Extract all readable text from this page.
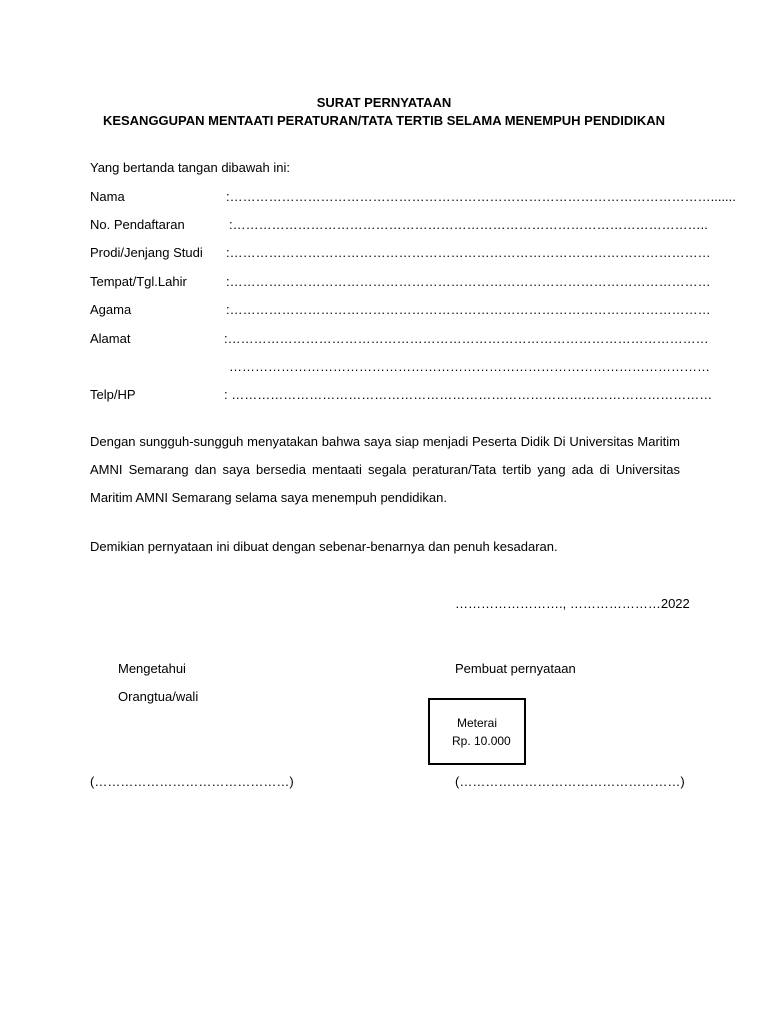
SURAT PERNYATAAN
KESANGGUPAN MENTAATI PERATURAN/TATA TERTIB SELAMA MENEMPUH PENDIDIKAN
Yang bertanda tangan dibawah ini:
Nama	:………………………………………………………………………………………………….......
No. Pendaftaran	:………………………………………………………………………………………………..
Prodi/Jenjang Studi :…………………………………………………………………………………………………
Tempat/Tgl.Lahir	:…………………………………………………………………………………………………
Agama	:…………………………………………………………………………………………………
Alamat	:…………………………………………………………………………………………………
…………………………………………………………………………………………………
Telp/HP	: …………………………………………………………………………………………………
Dengan sungguh-sungguh menyatakan bahwa saya siap menjadi Peserta Didik Di Universitas Maritim AMNI Semarang dan saya bersedia mentaati segala peraturan/Tata tertib yang ada di Universitas Maritim AMNI Semarang selama saya menempuh pendidikan.
Demikian pernyataan ini dibuat dengan sebenar-benarnya dan penuh kesadaran.
……………………., …………………2022
Mengetahui
Orangtua/wali
(………………………………………)
Pembuat pernyataan
Meterai
Rp. 10.000
(……………………………………………)
